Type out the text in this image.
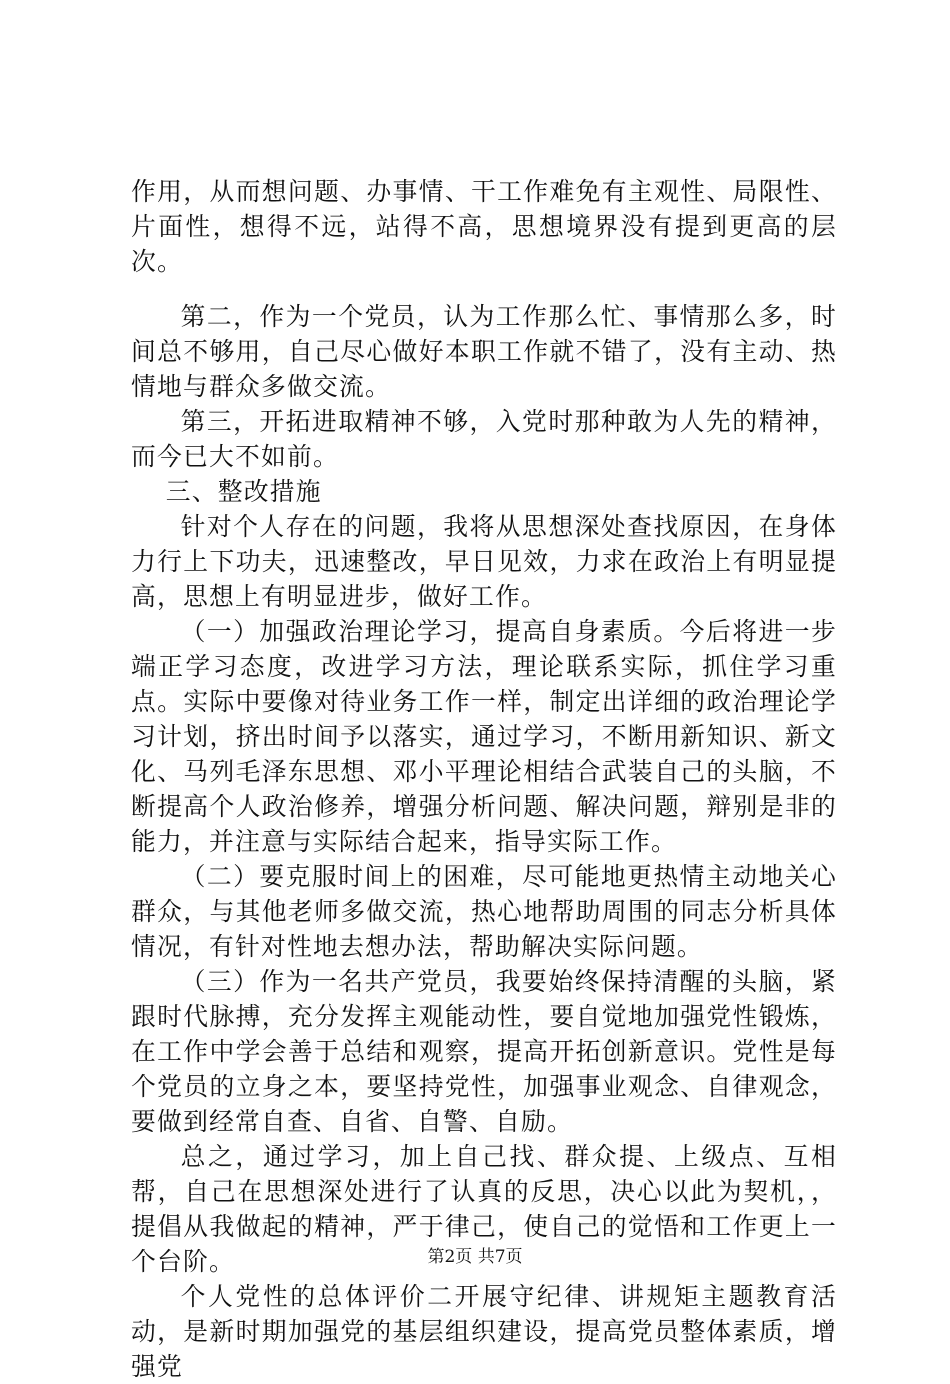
作用，从而想问题、办事情、干工作难免有主观性、局限性、片面性，想得不远，站得不高，思想境界没有提到更高的层次。

第二，作为一个党员，认为工作那么忙、事情那么多，时间总不够用，自己尽心做好本职工作就不错了，没有主动、热情地与群众多做交流。

第三，开拓进取精神不够，入党时那种敢为人先的精神，而今已大不如前。

三、整改措施

针对个人存在的问题，我将从思想深处查找原因，在身体力行上下功夫，迅速整改，早日见效，力求在政治上有明显提高，思想上有明显进步，做好工作。

（一）加强政治理论学习，提高自身素质。今后将进一步端正学习态度，改进学习方法，理论联系实际，抓住学习重点。实际中要像对待业务工作一样，制定出详细的政治理论学习计划，挤出时间予以落实，通过学习，不断用新知识、新文化、马列毛泽东思想、邓小平理论相结合武装自己的头脑，不断提高个人政治修养，增强分析问题、解决问题，辩别是非的能力，并注意与实际结合起来，指导实际工作。

（二）要克服时间上的困难，尽可能地更热情主动地关心群众，与其他老师多做交流，热心地帮助周围的同志分析具体情况，有针对性地去想办法，帮助解决实际问题。

（三）作为一名共产党员，我要始终保持清醒的头脑，紧跟时代脉搏，充分发挥主观能动性，要自觉地加强党性锻炼，在工作中学会善于总结和观察，提高开拓创新意识。党性是每个党员的立身之本，要坚持党性，加强事业观念、自律观念，要做到经常自查、自省、自警、自励。

总之，通过学习，加上自己找、群众提、上级点、互相帮，自己在思想深处进行了认真的反思，决心以此为契机，，提倡从我做起的精神，严于律己，使自己的觉悟和工作更上一个台阶。

个人党性的总体评价二开展守纪律、讲规矩主题教育活动，是新时期加强党的基层组织建设，提高党员整体素质，增强党

第2页 共7页
